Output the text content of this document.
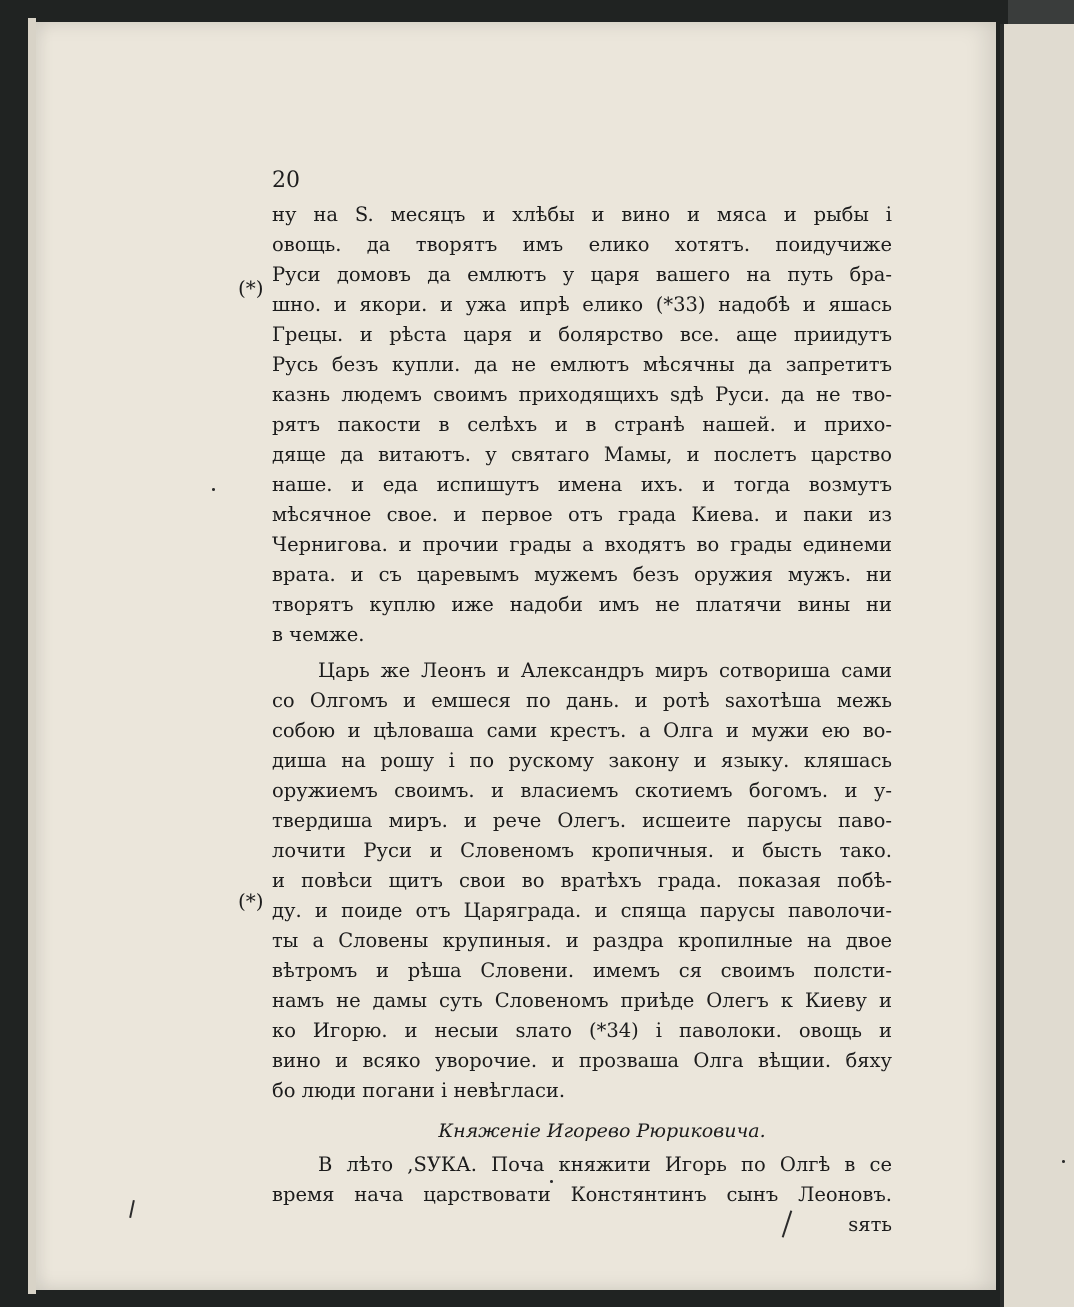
20
(*)
(*)
ну на S. месяцъ и хлѣбы и вино и мяса и рыбы і
овощь. да творятъ имъ елико хотятъ. поидучиже
Руси домовъ да емлютъ у царя вашего на путь бра-
шно. и якори. и ужа ипрѣ елико (*33) надобѣ и яшась
Грецы. и рѣста царя и болярство все. аще приидутъ
Русь безъ купли. да не емлютъ мѣсячны да запретитъ
казнь людемъ своимъ приходящихъ sдѣ Руси. да не тво-
рятъ пакости в селѣхъ и в странѣ нашей. и прихо-
дяще да витаютъ. у святаго Мамы, и послетъ царство
наше. и еда испишутъ имена ихъ. и тогда возмутъ
мѣсячное свое. и первое отъ града Киева. и паки из
Чернигова. и прочии грады а входятъ во грады единеми
врата. и съ царевымъ мужемъ безъ оружия мужъ. ни
творятъ куплю иже надоби имъ не платячи вины ни
в чемже.
Царь же Леонъ и Александръ миръ сотвориша сами
со Олгомъ и емшеся по дань. и ротѣ sахотѣша межь
собою и цѣловаша сами крестъ. а Олга и мужи ею во-
диша на рошу і по рускому закону и языку. кляшась
оружиемъ своимъ. и власиемъ скотиемъ богомъ. и у-
твердиша миръ. и рече Олегъ. исшеите парусы паво-
лочити Руси и Словеномъ кропичныя. и бысть тако.
и повѣси щитъ свои во вратѣхъ града. показая побѣ-
ду. и поиде отъ Царяграда. и спяща парусы паволочи-
ты а Словены крупиныя. и раздра кропилные на двое
вѣтромъ и рѣша Словени. имемъ ся своимъ полсти-
намъ не дамы суть Словеномъ приѣде Олегъ к Киеву и
ко Игорю. и несыи sлато (*34) і паволоки. овощь и
вино и всяко уворочие. и прозваша Олга вѣщии. бяху
бо люди погани і невѣгласи.
Княженіе Игорево Рюриковича.
В лѣто ,SУКА. Поча княжити Игорь по Олгѣ в се
время нача царствовати Констянтинъ сынъ Леоновъ.
sять
